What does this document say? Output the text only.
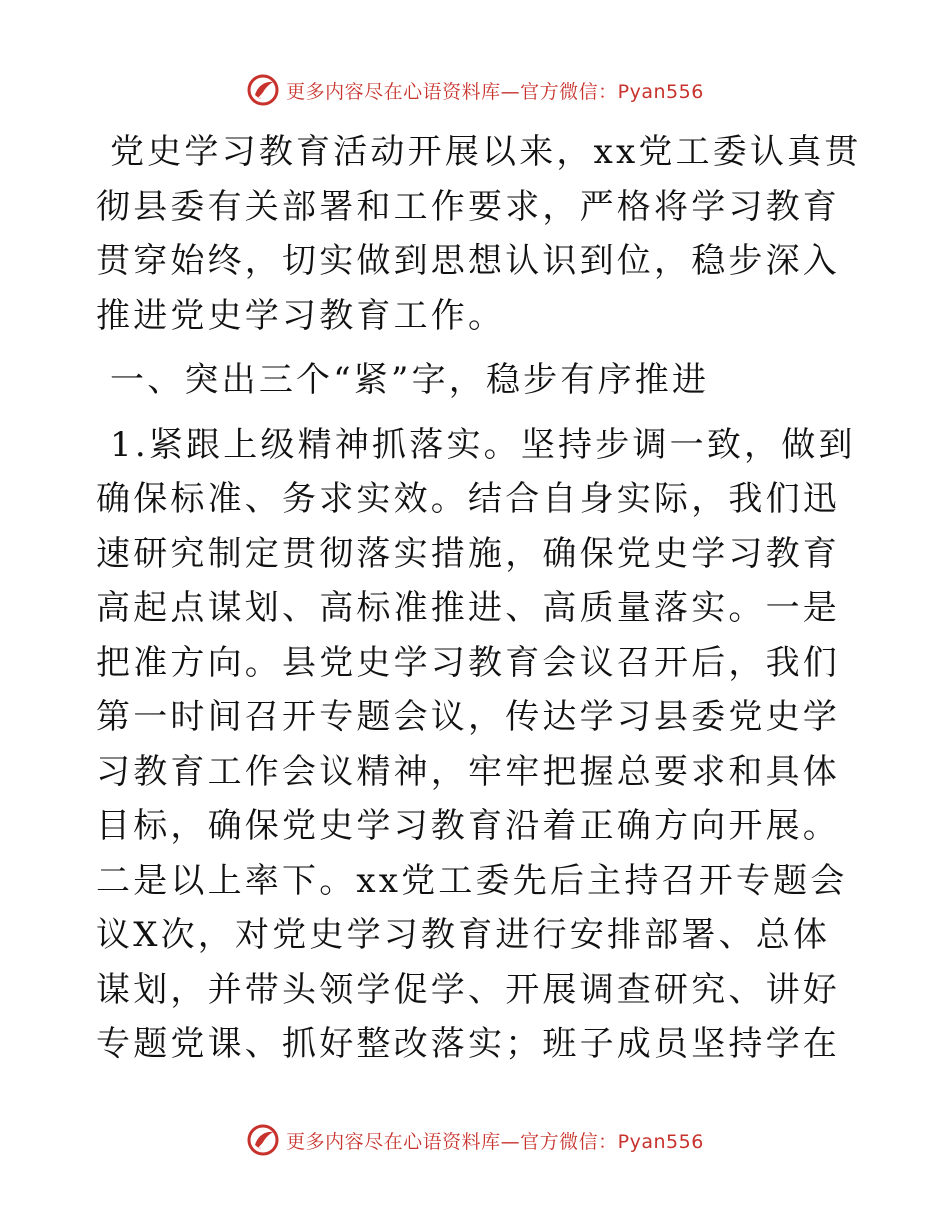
更多内容尽在心语资料库—官方微信：Pyan556

党史学习教育活动开展以来，xx党工委认真贯彻县委有关部署和工作要求，严格将学习教育贯穿始终，切实做到思想认识到位，稳步深入推进党史学习教育工作。

一、突出三个“紧”字，稳步有序推进

1.紧跟上级精神抓落实。坚持步调一致，做到确保标准、务求实效。结合自身实际，我们迅速研究制定贯彻落实措施，确保党史学习教育高起点谋划、高标准推进、高质量落实。一是把准方向。县党史学习教育会议召开后，我们第一时间召开专题会议，传达学习县委党史学习教育工作会议精神，牢牢把握总要求和具体目标，确保党史学习教育沿着正确方向开展。二是以上率下。xx党工委先后主持召开专题会议X次，对党史学习教育进行安排部署、总体谋划，并带头领学促学、开展调查研究、讲好专题党课、抓好整改落实；班子成员坚持学在

更多内容尽在心语资料库—官方微信：Pyan556
